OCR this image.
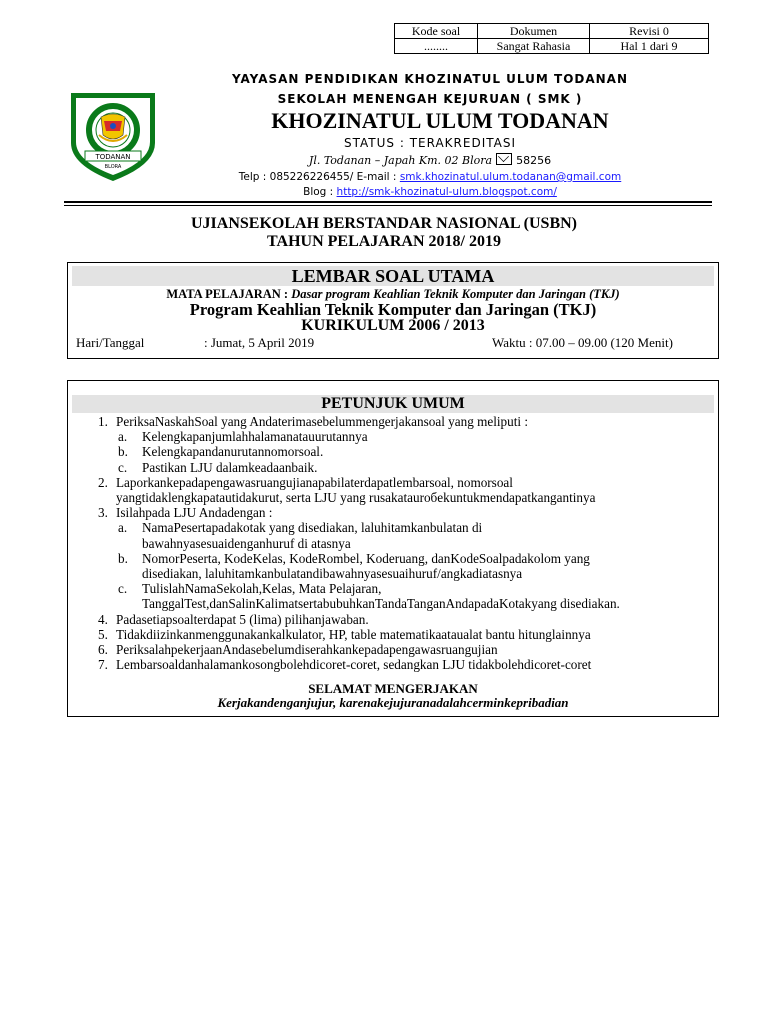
Kode soal	Dokumen	Revisi 0
........	Sangat Rahasia	Hal 1 dari 9
TODANAN
BLORA
YAYASAN PENDIDIKAN KHOZINATUL ULUM TODANAN
SEKOLAH MENENGAH KEJURUAN ( SMK )
KHOZINATUL ULUM TODANAN
STATUS : TERAKREDITASI
Jl. Todanan – Japah Km. 02 Blora 58256
Telp : 085226226455/ E-mail : smk.khozinatul.ulum.todanan@gmail.com
Blog : http://smk-khozinatul-ulum.blogspot.com/
UJIANSEKOLAH BERSTANDAR NASIONAL (USBN)
TAHUN PELAJARAN 2018/ 2019
LEMBAR SOAL UTAMA
MATA PELAJARAN : Dasar program Keahlian Teknik Komputer dan Jaringan (TKJ)
Program Keahlian Teknik Komputer dan Jaringan (TKJ)
KURIKULUM 2006 / 2013
Hari/Tanggal	: Jumat, 5 April 2019	Waktu : 07.00 – 09.00 (120 Menit)
PETUNJUK UMUM
1. PeriksaNaskahSoal yang Andaterimasebelummengerjakansoal yang meliputi :
a. Kelengkapanjumlahhalamanatauurutannya
b. Kelengkapandanurutannomorsoal.
c. Pastikan LJU dalamkeadaanbaik.
2. Laporkankepadapengawasruangujianapabilaterdapatlembarsoal, nomorsoal
yangtidaklengkapatautidakurut, serta LJU yang rusakatauroбekuntukmendapatkangantinya
3. Isilahpada LJU Andadengan :
a. NamaPesertapadakotak yang disediakan, laluhitamkanbulatan di
bawahnyasesuaidenganhuruf di atasnya
b. NomorPeserta, KodeKelas, KodeRombel, Koderuang, danKodeSoalpadakolom yang
disediakan, laluhitamkanbulatandibawahnyasesuaihuruf/angkadiatasnya
c. TulislahNamaSekolah,Kelas, Mata Pelajaran,
TanggalTest,danSalinKalimatsertabubuhkanTandaTanganAndapadaKotakyang disediakan.
4. Padasetiapsoalterdapat 5 (lima) pilihanjawaban.
5. Tidakdiizinkanmenggunakankalkulator, HP, table matematikaataualat bantu hitunglainnya
6. PeriksalahpekerjaanAndasebelumdiserahkankepadapengawasruangujian
7. Lembarsoaldanhalamankosongbolehdicoret-coret, sedangkan LJU tidakbolehdicoret-coret
SELAMAT MENGERJAKAN
Kerjakandenganjujur, karenakejujuranadalahcerminkepribadian
